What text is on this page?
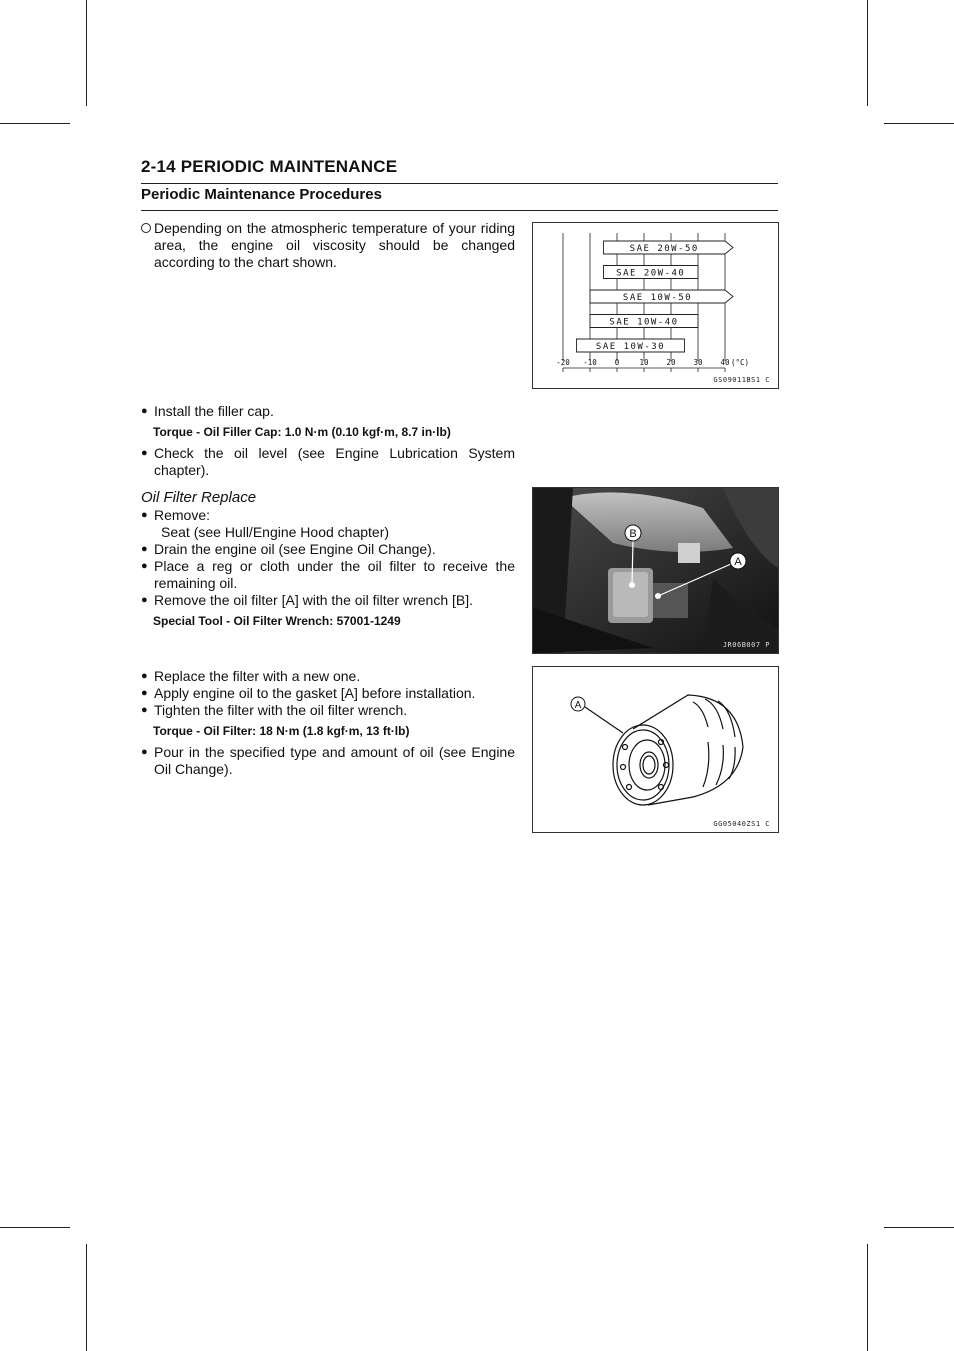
2-14 PERIODIC MAINTENANCE
Periodic Maintenance Procedures
Depending on the atmospheric temperature of your riding area, the engine oil viscosity should be changed according to the chart shown.
SAE 20W-50
SAE 20W-40
SAE 10W-50
SAE 10W-40
SAE 10W-30
-20 -10 0	10 20 30 40 (°C)
GS09011BS1 C
● Install the filler cap.
Torque - Oil Filler Cap: 1.0 N·m (0.10 kgf·m, 8.7 in·lb)
● Check the oil level (see Engine Lubrication System chapter).
Oil Filter Replace
● Remove:
Seat (see Hull/Engine Hood chapter)
● Drain the engine oil (see Engine Oil Change).
● Place a reg or cloth under the oil filter to receive the remaining oil.
● Remove the oil filter [A] with the oil filter wrench [B].
Special Tool - Oil Filter Wrench: 57001-1249
B
A
JR06B007 P
● Replace the filter with a new one.
● Apply engine oil to the gasket [A] before installation.
● Tighten the filter with the oil filter wrench.
Torque - Oil Filter: 18 N·m (1.8 kgf·m, 13 ft·lb)
● Pour in the specified type and amount of oil (see Engine Oil Change).
A
GG05040ZS1 C
